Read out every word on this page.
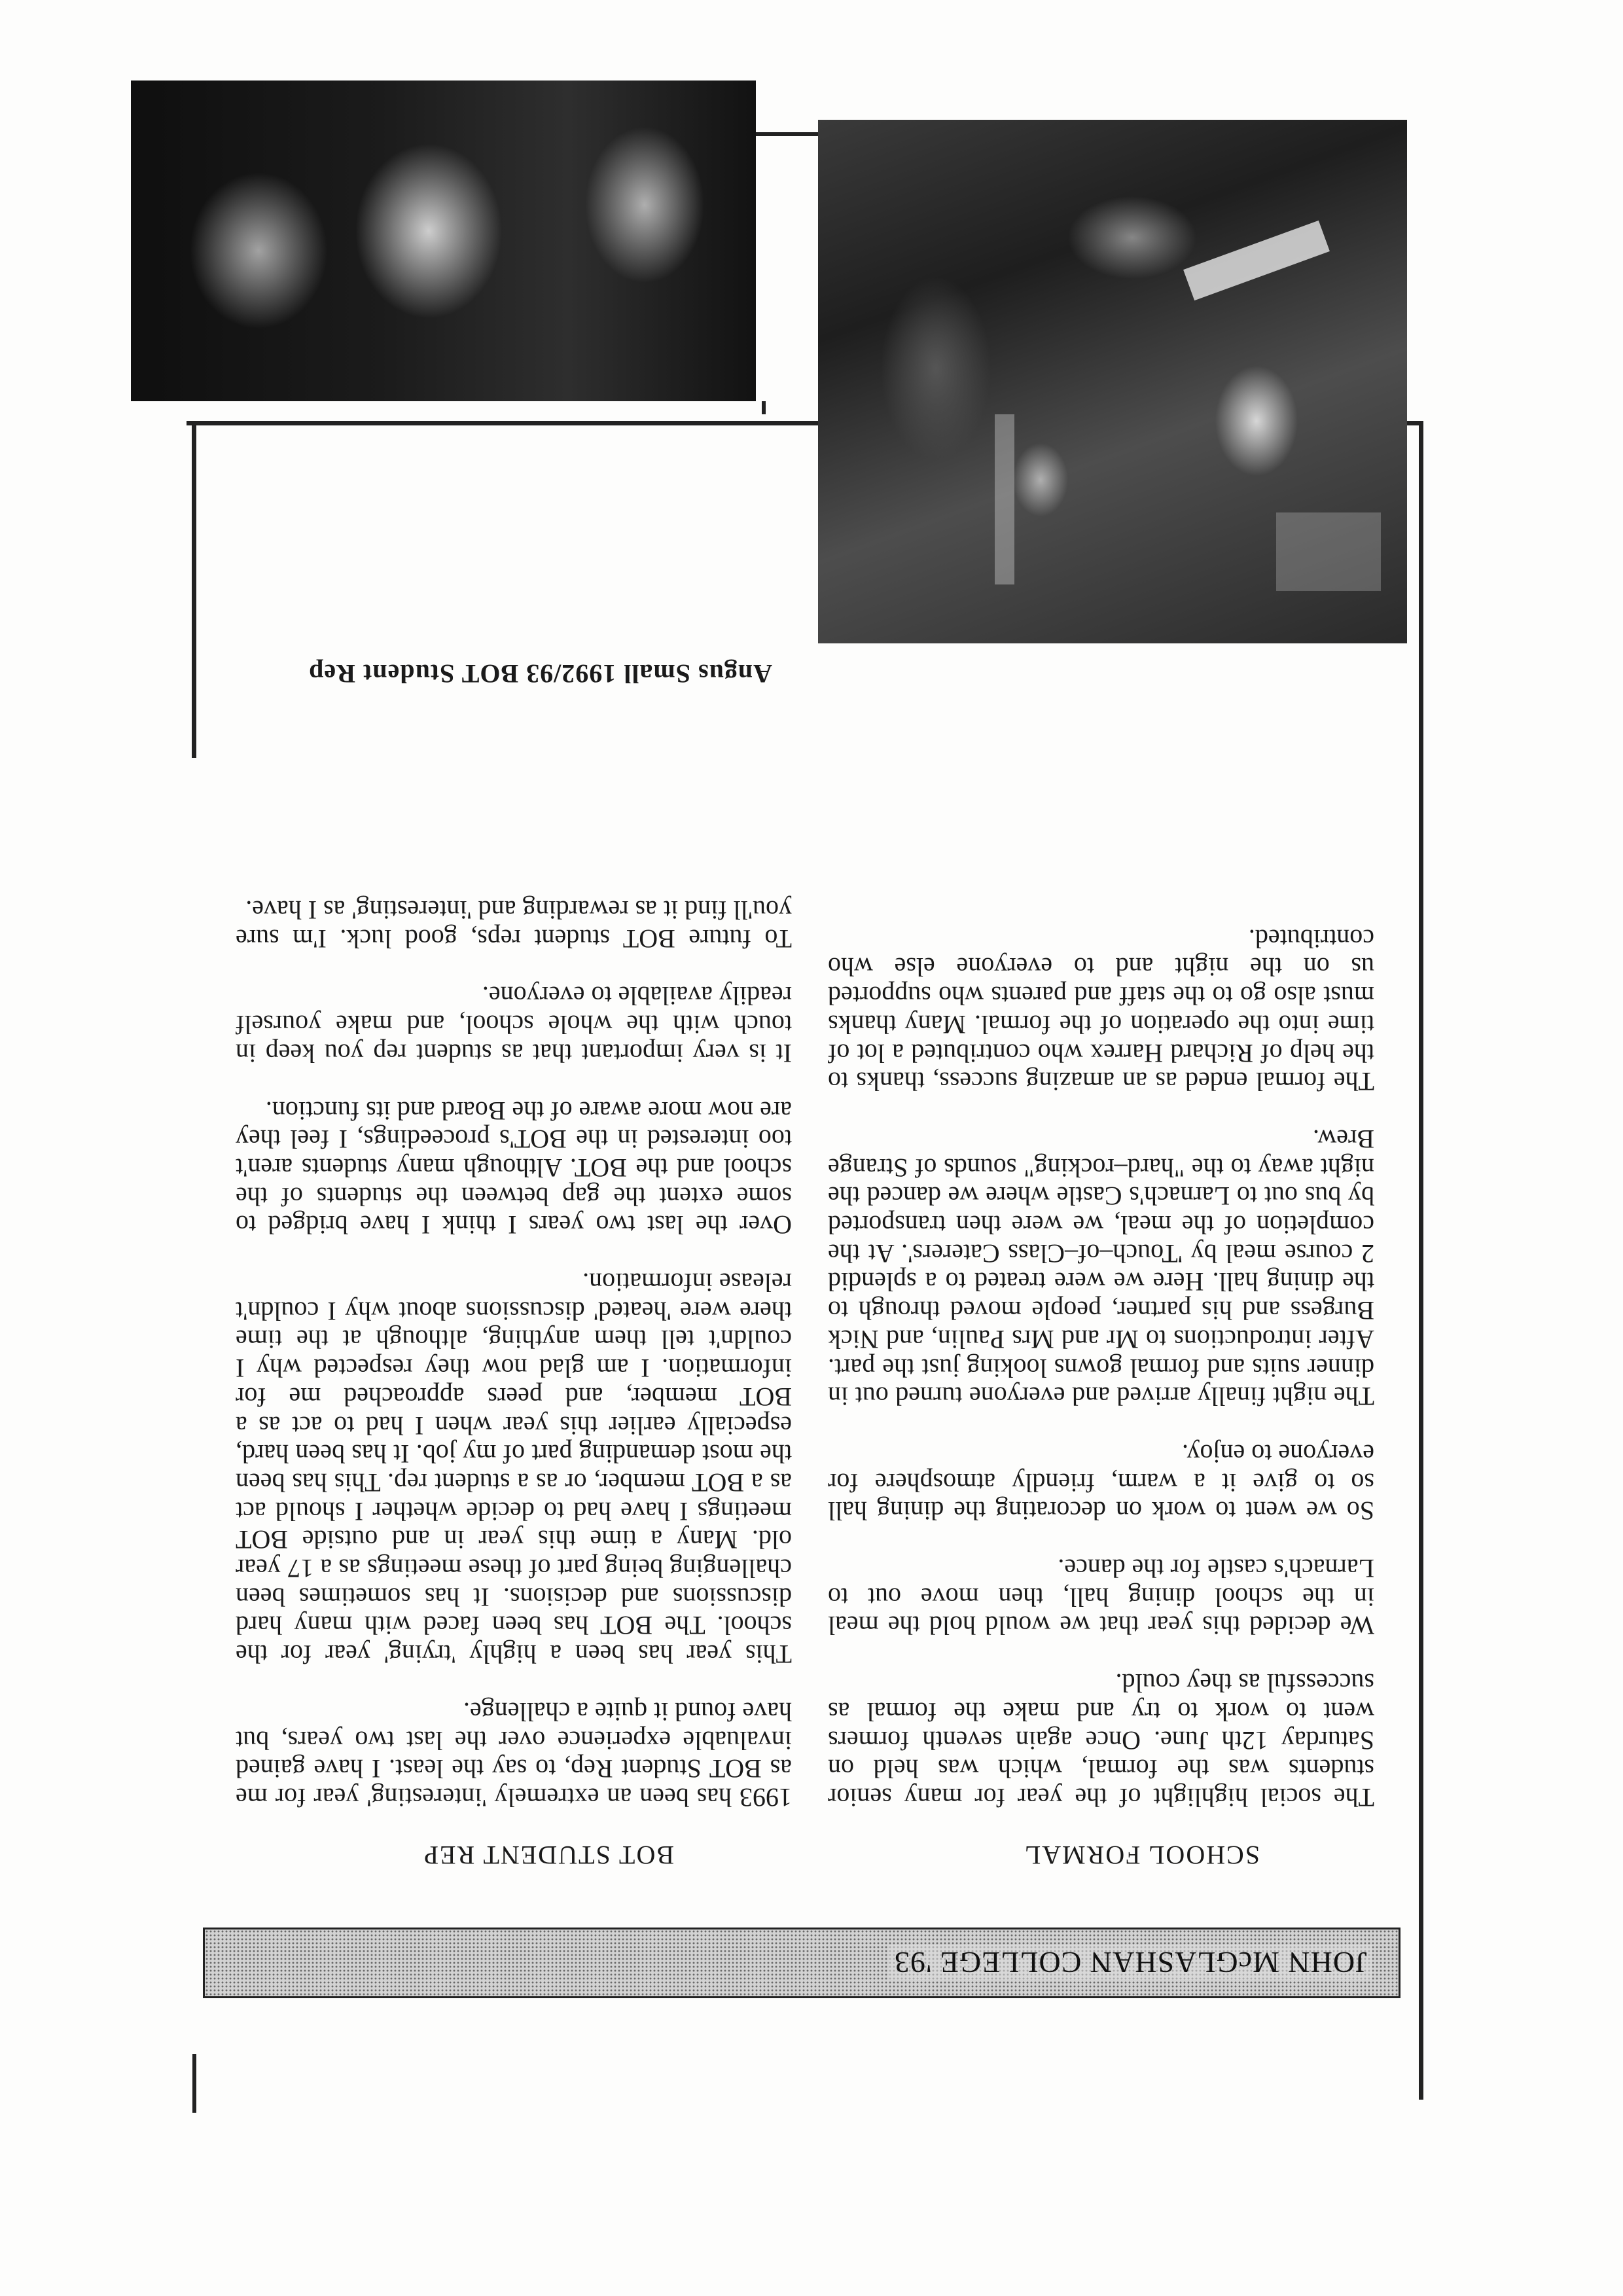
JOHN McGLASHAN COLLEGE '93
SCHOOL FORMAL
BOT STUDENT REP

The social highlight of the year for many senior students was the formal, which was held on Saturday 12th June. Once again seventh formers went to work to try and make the formal as successful as they could.

We decided this year that we would hold the meal in the school dining hall, then move out to Larnach's castle for the dance.

So we went to work on decorating the dining hall so to give it a warm, friendly atmosphere for everyone to enjoy.

The night finally arrived and everyone turned out in dinner suits and formal gowns looking just the part. After introductions to Mr and Mrs Paulin, and Nick Burgess and his partner, people moved through to the dining hall. Here we were treated to a splendid 2 course meal by 'Touch–of–Class Caterers'. At the completion of the meal, we were then transported by bus out to Larnach's Castle where we danced the night away to the "hard–rocking" sounds of Strange Brew.

The formal ended as an amazing success, thanks to the help of Richard Harrex who contributed a lot of time into the operation of the formal. Many thanks must also go to the staff and parents who supported us on the night and to everyone else who contributed.

1993 has been an extremely 'interesting' year for me as BOT Student Rep, to say the least. I have gained invaluable experience over the last two years, but have found it quite a challenge.

This year has been a highly 'trying' year for the school. The BOT has been faced with many hard discussions and decisions. It has sometimes been challenging being part of these meetings as a 17 year old. Many a time this year in and outside BOT meetings I have had to decide whether I should act as a BOT member, or as a student rep. This has been the most demanding part of my job. It has been hard, especially earlier this year when I had to act as a BOT member, and peers approached me for information. I am glad now they respected why I couldn't tell them anything, although at the time there were 'heated' discussions about why I couldn't release information.

Over the last two years I think I have bridged to some extent the gap between the students of the school and the BOT. Although many students aren't too interested in the BOT's proceedings, I feel they are now more aware of the Board and its function.

It is very important that as student rep you keep in touch with the whole school, and make yourself readily available to everyone.

To future BOT student reps, good luck. I'm sure you'll find it as rewarding and 'interesting' as I have.

Angus Small 1992/93 BOT Student Rep
